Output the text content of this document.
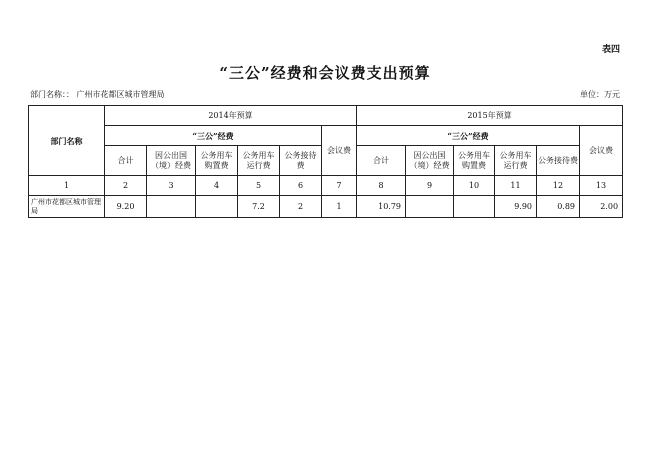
表四
“三公”经费和会议费支出预算
部门名称：： 广州市花都区城市管理局	单位：万元
部门名称	2014年预算						2015年预算					
	“三公”经费					会议费	“三公”经费					会议费
	合计	因公出国（境）经费	公务用车购置费	公务用车运行费	公务接待费		合计	因公出国（境）经费	公务用车购置费	公务用车运行费	公务接待费	
1	2	3	4	5	6	7	8	9	10	11	12	13
广州市花都区城市管理局	9.20			7.2	2	1	10.79			9.90	0.89	2.00
